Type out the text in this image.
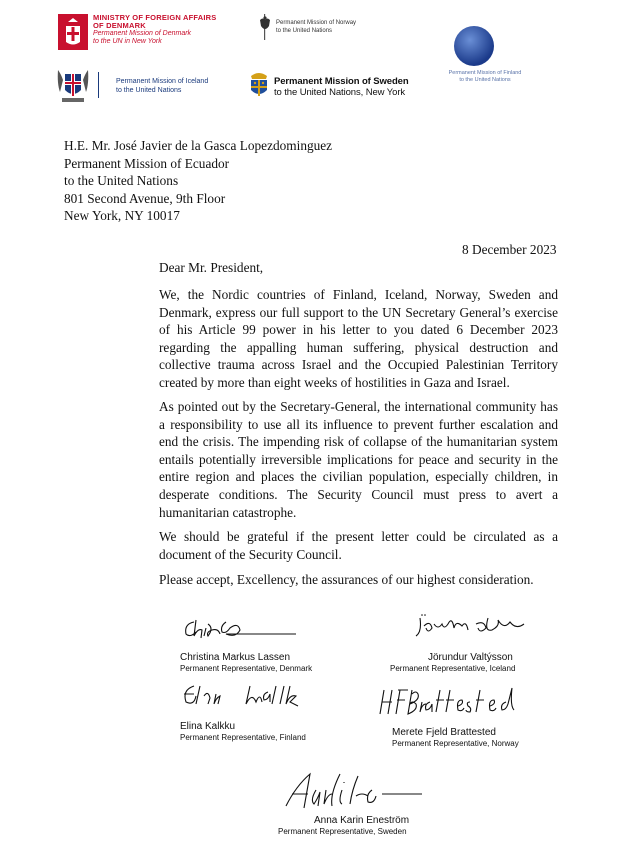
MINISTRY OF FOREIGN AFFAIRS
OF DENMARK
Permanent Mission of Denmark
to the UN in New York
Permanent Mission of Norway
to the United Nations
Permanent Mission of Finland
to the United Nations
Permanent Mission of Iceland
to the United Nations
Permanent Mission of Sweden
to the United Nations, New York
H.E. Mr. José Javier de la Gasca Lopezdominguez
Permanent Mission of Ecuador
to the United Nations
801 Second Avenue, 9th Floor
New York, NY 10017
8 December 2023
Dear Mr. President,
We, the Nordic countries of Finland, Iceland, Norway, Sweden and Denmark, express our full support to the UN Secretary General’s exercise of his Article 99 power in his letter to you dated 6 December 2023 regarding the appalling human suffering, physical destruction and collective trauma across Israel and the Occupied Palestinian Territory created by more than eight weeks of hostilities in Gaza and Israel.
As pointed out by the Secretary-General, the international community has a responsibility to use all its influence to prevent further escalation and end the crisis. The impending risk of collapse of the humanitarian system entails potentially irreversible implications for peace and security in the entire region and places the civilian population, especially children, in desperate conditions. The Security Council must press to avert a humanitarian catastrophe.
We should be grateful if the present letter could be circulated as a document of the Security Council.
Please accept, Excellency, the assurances of our highest consideration.
Christina Markus Lassen
Permanent Representative, Denmark
Jörundur Valtýsson
Permanent Representative, Iceland
Elina Kalkku
Permanent Representative, Finland	Merete Fjeld Brattested
Permanent Representative, Norway
Anna Karin Eneström
Permanent Representative, Sweden
